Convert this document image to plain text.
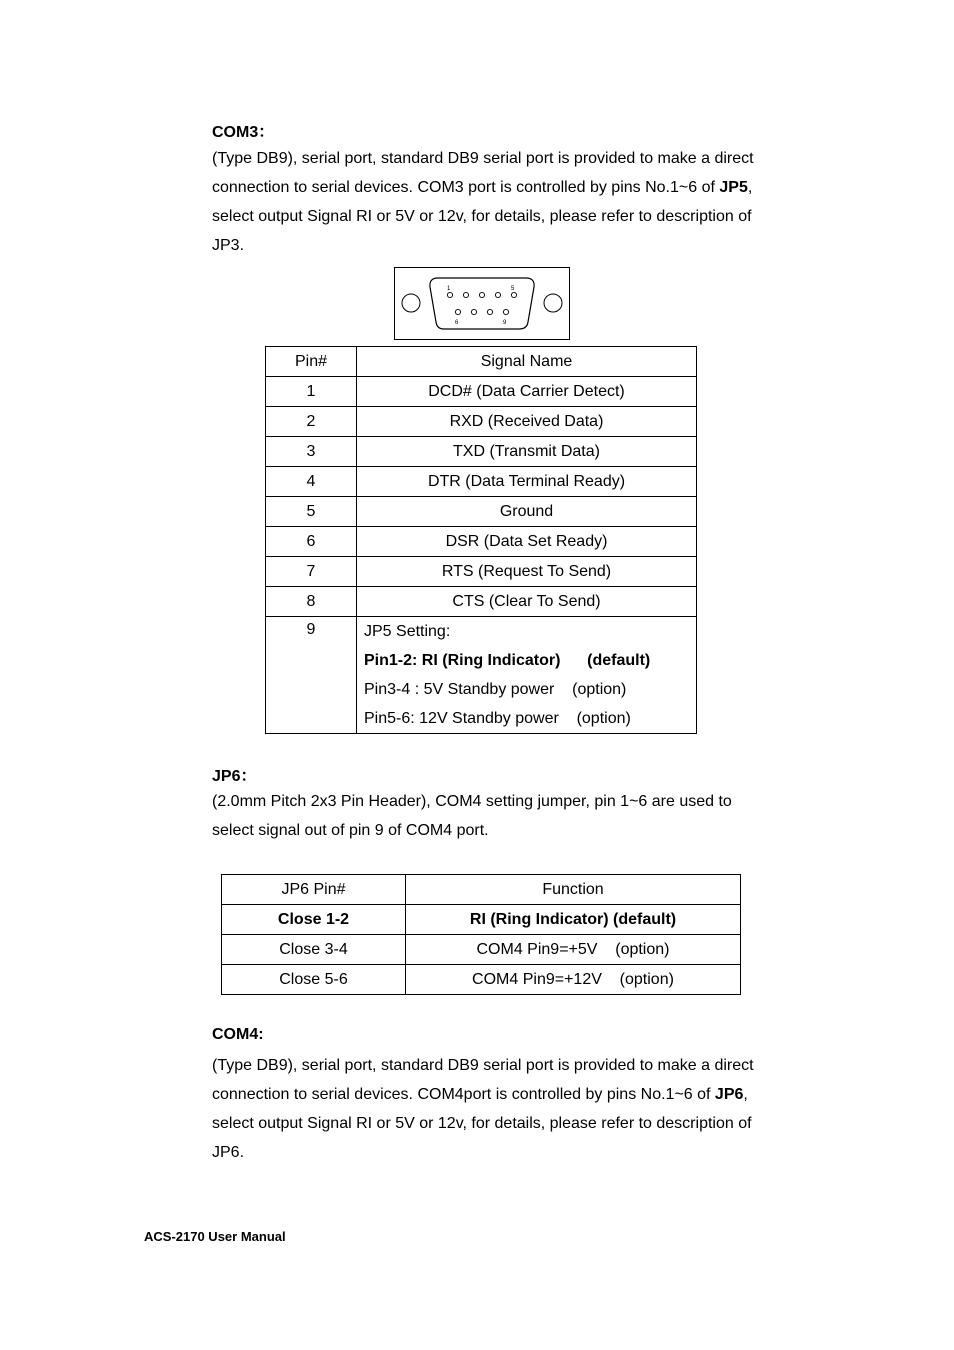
COM3：
(Type DB9), serial port, standard DB9 serial port is provided to make a direct
connection to serial devices. COM3 port is controlled by pins No.1~6 of JP5,
select output Signal RI or 5V or 12v, for details, please refer to description of
JP3.
1	5
6	9
Pin#	Signal Name
1	DCD# (Data Carrier Detect)
2	RXD (Received Data)
3	TXD (Transmit Data)
4	DTR (Data Terminal Ready)
5	Ground
6	DSR (Data Set Ready)
7	RTS (Request To Send)
8	CTS (Clear To Send)
9	JP5 Setting:
Pin1-2: RI (Ring Indicator)      (default)
Pin3-4 : 5V Standby power    (option)
Pin5-6: 12V Standby power    (option)
JP6：
(2.0mm Pitch 2x3 Pin Header), COM4 setting jumper, pin 1~6 are used to
select signal out of pin 9 of COM4 port.
JP6 Pin#	Function
Close 1-2	RI (Ring Indicator) (default)
Close 3-4	COM4 Pin9=+5V    (option)
Close 5-6	COM4 Pin9=+12V    (option)
COM4:
(Type DB9), serial port, standard DB9 serial port is provided to make a direct
connection to serial devices. COM4port is controlled by pins No.1~6 of JP6,
select output Signal RI or 5V or 12v, for details, please refer to description of
JP6.
ACS-2170 User Manual
